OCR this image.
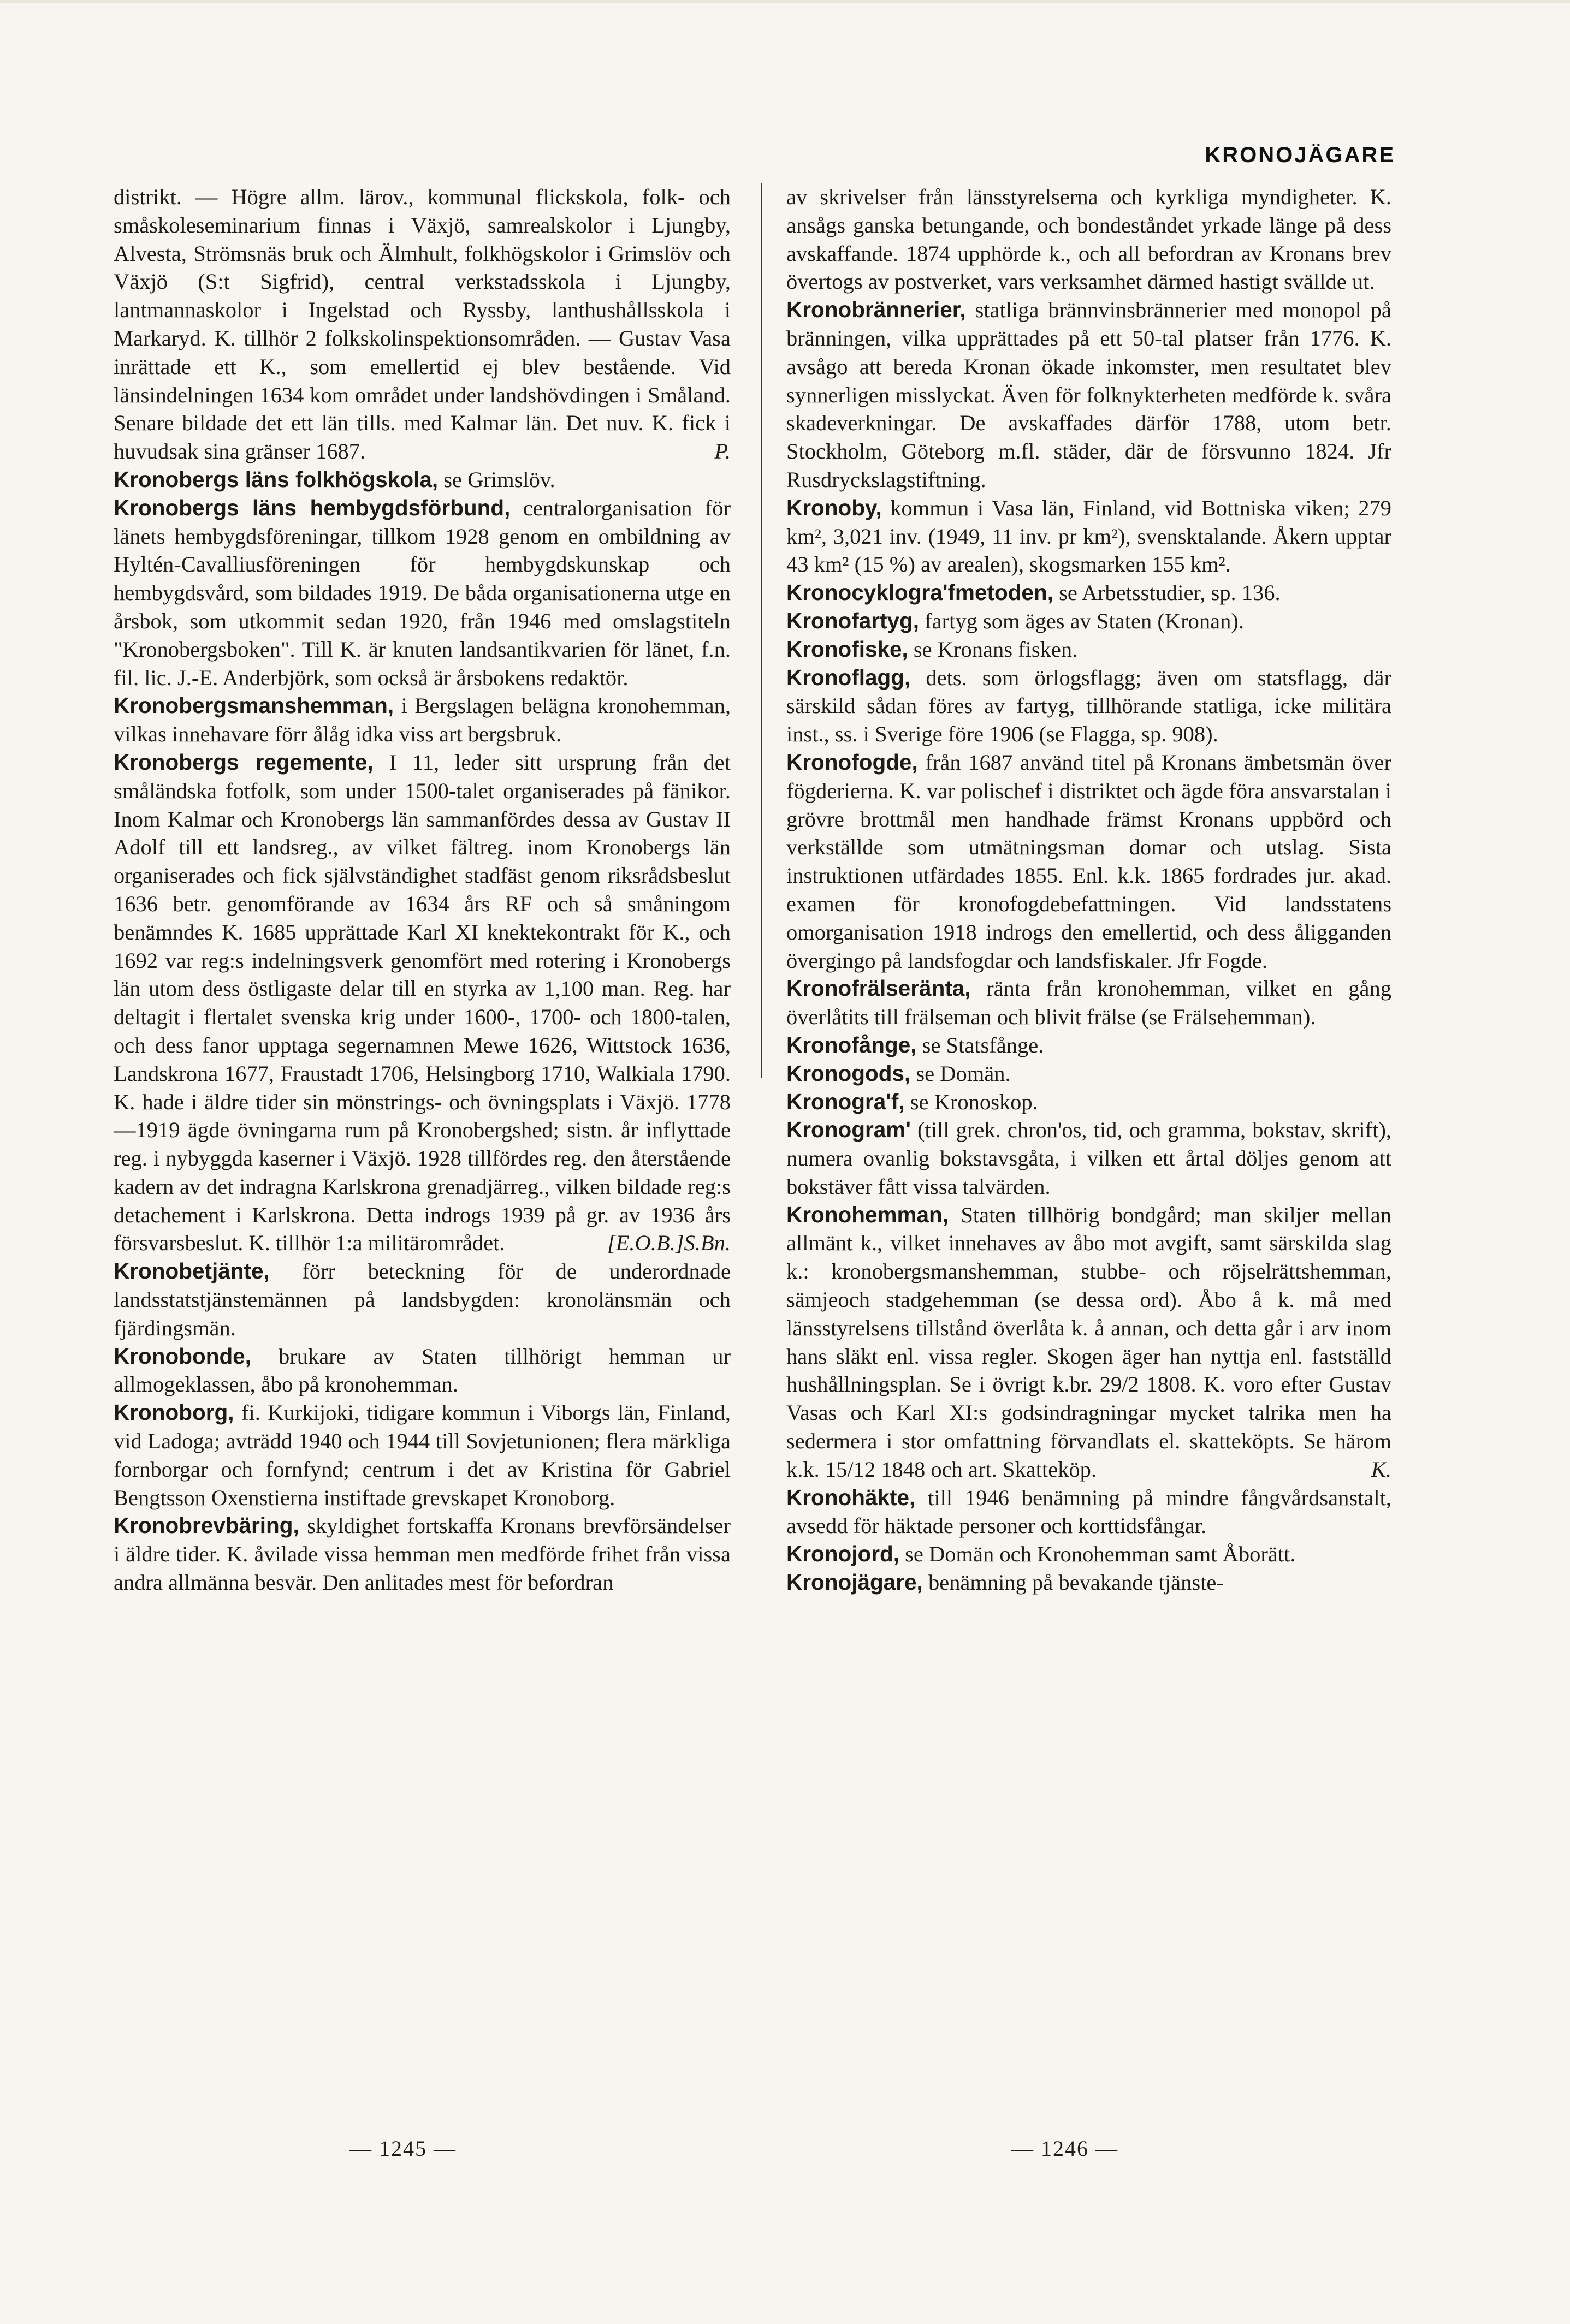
KRONOJÄGARE

distrikt. — Högre allm. lärov., kommunal flickskola, folk- och småskoleseminarium finnas i Växjö, samrealskolor i Ljungby, Alvesta, Strömsnäs bruk och Älmhult, folkhögskolor i Grimslöv och Växjö (S:t Sigfrid), central verkstadsskola i Ljungby, lantmannaskolor i Ingelstad och Ryssby, lanthushållsskola i Markaryd. K. tillhör 2 folkskolinspektionsområden. — Gustav Vasa inrättade ett K., som emellertid ej blev bestående. Vid länsindelningen 1634 kom området under landshövdingen i Småland. Senare bildade det ett län tills. med Kalmar län. Det nuv. K. fick i huvudsak sina gränser 1687.	P.

Kronobergs läns folkhögskola, se Grimslöv.

Kronobergs läns hembygdsförbund, centralorganisation för länets hembygdsföreningar, tillkom 1928 genom en ombildning av Hyltén-Cavalliusföreningen för hembygdskunskap och hembygdsvård, som bildades 1919. De båda organisationerna utge en årsbok, som utkommit sedan 1920, från 1946 med omslagstiteln "Kronobergsboken". Till K. är knuten landsantikvarien för länet, f.n. fil. lic. J.-E. Anderbjörk, som också är årsbokens redaktör.

Kronobergsmanshemman, i Bergslagen belägna kronohemman, vilkas innehavare förr ålåg idka viss art bergsbruk.

Kronobergs regemente, I 11, leder sitt ursprung från det småländska fotfolk, som under 1500-talet organiserades på fänikor. Inom Kalmar och Kronobergs län sammanfördes dessa av Gustav II Adolf till ett landsreg., av vilket fältreg. inom Kronobergs län organiserades och fick självständighet stadfäst genom riksrådsbeslut 1636 betr. genomförande av 1634 års RF och så småningom benämndes K. 1685 upprättade Karl XI knektekontrakt för K., och 1692 var reg:s indelningsverk genomfört med rotering i Kronobergs län utom dess östligaste delar till en styrka av 1,100 man. Reg. har deltagit i flertalet svenska krig under 1600-, 1700- och 1800-talen, och dess fanor upptaga segernamnen Mewe 1626, Wittstock 1636, Landskrona 1677, Fraustadt 1706, Helsingborg 1710, Walkiala 1790. K. hade i äldre tider sin mönstrings- och övningsplats i Växjö. 1778—1919 ägde övningarna rum på Kronobergshed; sistn. år inflyttade reg. i nybyggda kaserner i Växjö. 1928 tillfördes reg. den återstående kadern av det indragna Karlskrona grenadjärreg., vilken bildade reg:s detachement i Karlskrona. Detta indrogs 1939 på gr. av 1936 års försvarsbeslut. K. tillhör 1:a militärområdet.	[E.O.B.]S.Bn.

Kronobetjänte, förr beteckning för de underordnade landsstatstjänstemännen på landsbygden: kronolänsmän och fjärdingsmän.

Kronobonde, brukare av Staten tillhörigt hemman ur allmogeklassen, åbo på kronohemman.

Kronoborg, fi. Kurkijoki, tidigare kommun i Viborgs län, Finland, vid Ladoga; avträdd 1940 och 1944 till Sovjetunionen; flera märkliga fornborgar och fornfynd; centrum i det av Kristina för Gabriel Bengtsson Oxenstierna instiftade grevskapet Kronoborg.

Kronobrevbäring, skyldighet fortskaffa Kronans brevförsändelser i äldre tider. K. åvilade vissa hemman men medförde frihet från vissa andra allmänna besvär. Den anlitades mest för befordran

av skrivelser från länsstyrelserna och kyrkliga myndigheter. K. ansågs ganska betungande, och bondeståndet yrkade länge på dess avskaffande. 1874 upphörde k., och all befordran av Kronans brev övertogs av postverket, vars verksamhet därmed hastigt svällde ut.

Kronobrännerier, statliga brännvinsbrännerier med monopol på bränningen, vilka upprättades på ett 50-tal platser från 1776. K. avsågo att bereda Kronan ökade inkomster, men resultatet blev synnerligen misslyckat. Även för folknykterheten medförde k. svåra skadeverkningar. De avskaffades därför 1788, utom betr. Stockholm, Göteborg m.fl. städer, där de försvunno 1824. Jfr Rusdryckslagstiftning.

Kronoby, kommun i Vasa län, Finland, vid Bottniska viken; 279 km², 3,021 inv. (1949, 11 inv. pr km²), svensktalande. Åkern upptar 43 km² (15 %) av arealen), skogsmarken 155 km².

Kronocyklogra'fmetoden, se Arbetsstudier, sp. 136.

Kronofartyg, fartyg som äges av Staten (Kronan).

Kronofiske, se Kronans fisken.

Kronoflagg, dets. som örlogsflagg; även om statsflagg, där särskild sådan föres av fartyg, tillhörande statliga, icke militära inst., ss. i Sverige före 1906 (se Flagga, sp. 908).

Kronofogde, från 1687 använd titel på Kronans ämbetsmän över fögderierna. K. var polischef i distriktet och ägde föra ansvarstalan i grövre brottmål men handhade främst Kronans uppbörd och verkställde som utmätningsman domar och utslag. Sista instruktionen utfärdades 1855. Enl. k.k. 1865 fordrades jur. akad. examen för kronofogdebefattningen. Vid landsstatens omorganisation 1918 indrogs den emellertid, och dess åligganden övergingo på landsfogdar och landsfiskaler. Jfr Fogde.

Kronofrälseränta, ränta från kronohemman, vilket en gång överlåtits till frälseman och blivit frälse (se Frälsehemman).

Kronofånge, se Statsfånge.

Kronogods, se Domän.

Kronogra'f, se Kronoskop.

Kronogram' (till grek. chron'os, tid, och gramma, bokstav, skrift), numera ovanlig bokstavsgåta, i vilken ett årtal döljes genom att bokstäver fått vissa talvärden.

Kronohemman, Staten tillhörig bondgård; man skiljer mellan allmänt k., vilket innehaves av åbo mot avgift, samt särskilda slag k.: kronobergsmanshemman, stubbe- och röjselrättshemman, sämjeoch stadgehemman (se dessa ord). Åbo å k. må med länsstyrelsens tillstånd överlåta k. å annan, och detta går i arv inom hans släkt enl. vissa regler. Skogen äger han nyttja enl. fastställd hushållningsplan. Se i övrigt k.br. 29/2 1808. K. voro efter Gustav Vasas och Karl XI:s godsindragningar mycket talrika men ha sedermera i stor omfattning förvandlats el. skatteköpts. Se härom k.k. 15/12 1848 och art. Skatteköp.	K.

Kronohäkte, till 1946 benämning på mindre fångvårdsanstalt, avsedd för häktade personer och korttidsfångar.

Kronojord, se Domän och Kronohemman samt Åborätt.

Kronojägare, benämning på bevakande tjänste-

— 1245 —	— 1246 —
